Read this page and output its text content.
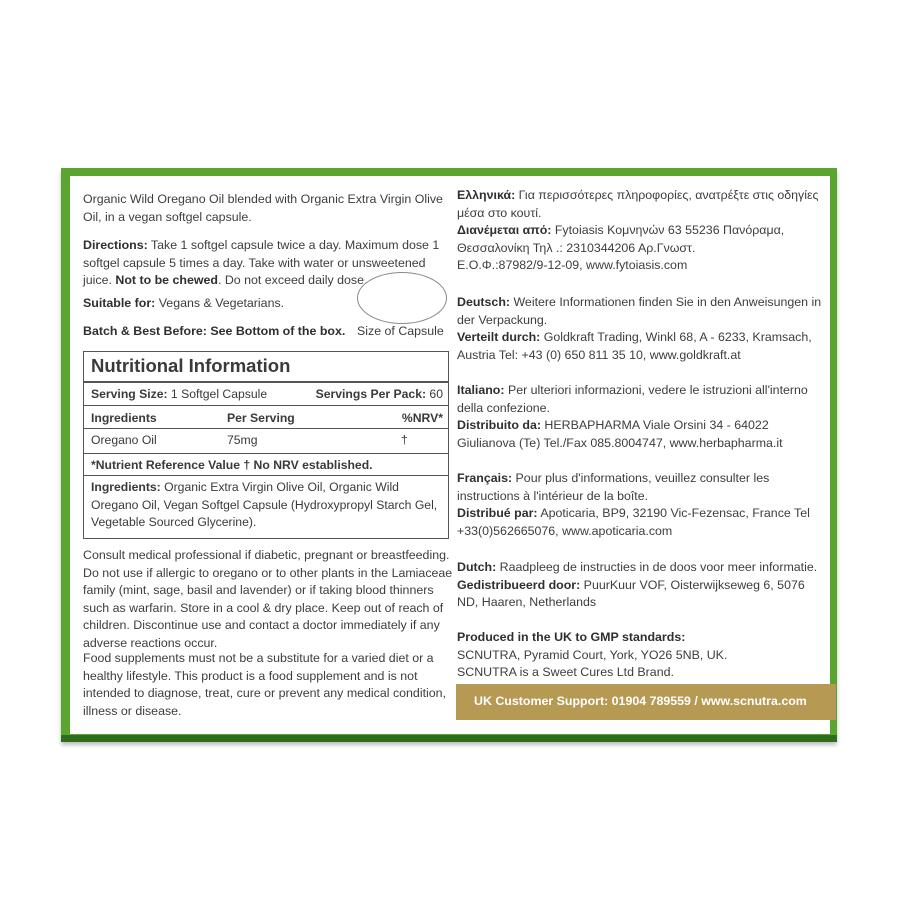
Organic Wild Oregano Oil blended with Organic Extra Virgin Olive
Oil, in a vegan softgel capsule.

Directions: Take 1 softgel capsule twice a day. Maximum dose 1
softgel capsule 5 times a day. Take with water or unsweetened
juice. Not to be chewed. Do not exceed daily dose.

Suitable for: Vegans & Vegetarians.

Batch & Best Before: See Bottom of the box. Size of Capsule

Nutritional Information
Serving Size: 1 Softgel Capsule	Servings Per Pack: 60
Ingredients	Per Serving	%NRV*
Oregano Oil	75mg	†
*Nutrient Reference Value † No NRV established.
Ingredients: Organic Extra Virgin Olive Oil, Organic Wild
Oregano Oil, Vegan Softgel Capsule (Hydroxypropyl Starch Gel,
Vegetable Sourced Glycerine).

Consult medical professional if diabetic, pregnant or breastfeeding.
Do not use if allergic to oregano or to other plants in the Lamiaceae
family (mint, sage, basil and lavender) or if taking blood thinners
such as warfarin. Store in a cool & dry place. Keep out of reach of
children. Discontinue use and contact a doctor immediately if any
adverse reactions occur.

Food supplements must not be a substitute for a varied diet or a
healthy lifestyle. This product is a food supplement and is not
intended to diagnose, treat, cure or prevent any medical condition,
illness or disease.

Ελληνικά: Για περισσότερες πληροφορίες, ανατρέξτε στις οδηγίες
μέσα στο κουτί.
Διανέμεται από: Fytoiasis Κομνηνών 63 55236 Πανόραμα,
Θεσσαλονίκη Τηλ .: 2310344206 Αρ.Γνωστ.
Ε.Ο.Φ.:87982/9-12-09, www.fytoiasis.com

Deutsch: Weitere Informationen finden Sie in den Anweisungen in
der Verpackung.
Verteilt durch: Goldkraft Trading, Winkl 68, A - 6233, Kramsach,
Austria Tel: +43 (0) 650 811 35 10, www.goldkraft.at

Italiano: Per ulteriori informazioni, vedere le istruzioni all'interno
della confezione.
Distribuito da: HERBAPHARMA Viale Orsini 34 - 64022
Giulianova (Te) Tel./Fax 085.8004747, www.herbapharma.it

Français: Pour plus d'informations, veuillez consulter les
instructions à l'intérieur de la boîte.
Distribué par: Apoticaria, BP9, 32190 Vic-Fezensac, France Tel
+33(0)562665076, www.apoticaria.com

Dutch: Raadpleeg de instructies in de doos voor meer informatie.
Gedistribueerd door: PuurKuur VOF, Oisterwijkseweg 6, 5076
ND, Haaren, Netherlands

Produced in the UK to GMP standards:
SCNUTRA, Pyramid Court, York, YO26 5NB, UK.
SCNUTRA is a Sweet Cures Ltd Brand.

UK Customer Support: 01904 789559 / www.scnutra.com
